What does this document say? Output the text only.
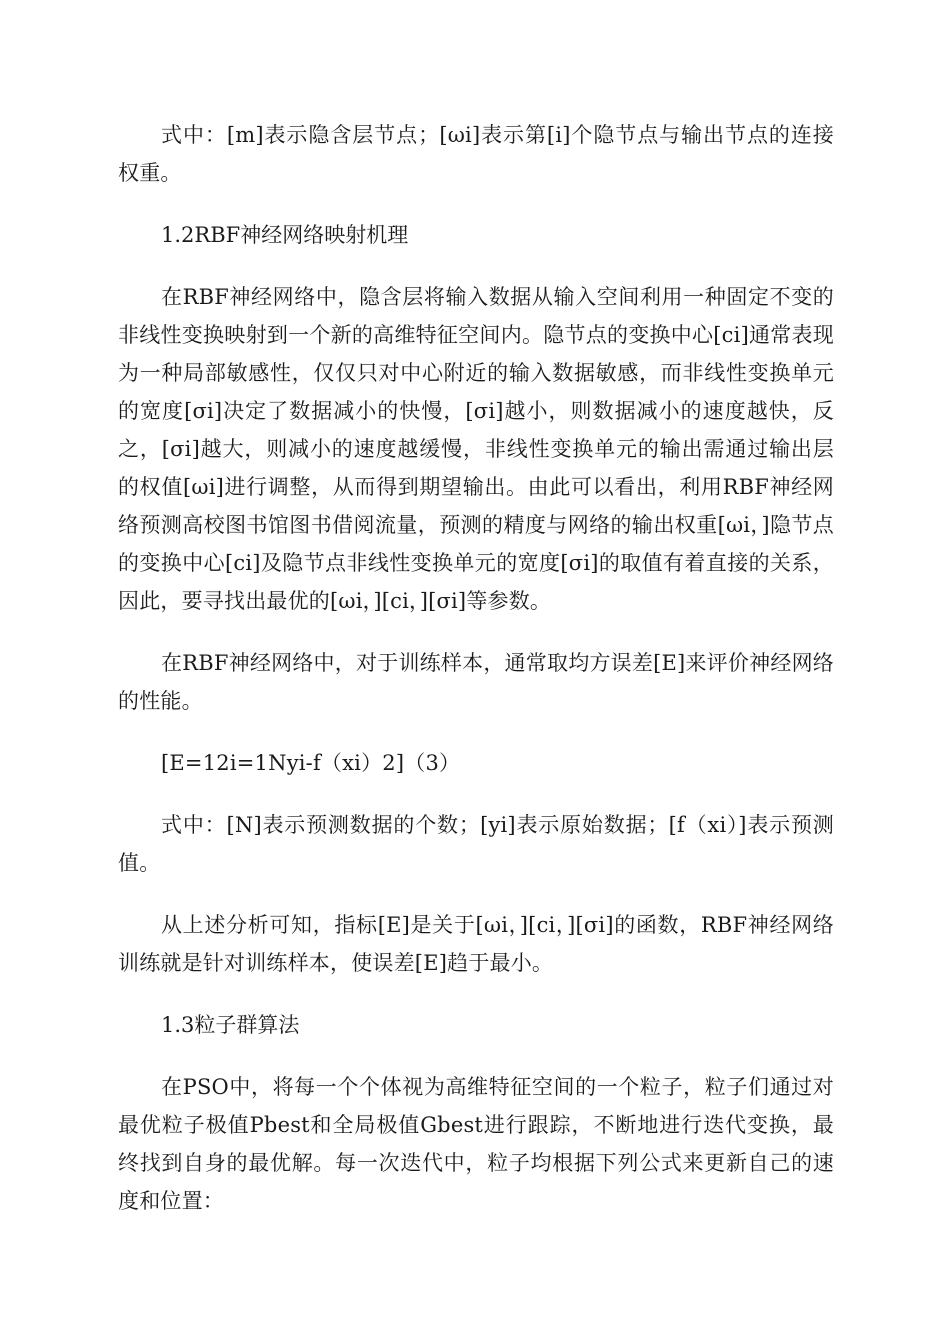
式中：[m]表示隐含层节点；[ωi]表示第[i]个隐节点与输出节点的连接权重。

1.2RBF神经网络映射机理

在RBF神经网络中，隐含层将输入数据从输入空间利用一种固定不变的非线性变换映射到一个新的高维特征空间内。隐节点的变换中心[ci]通常表现为一种局部敏感性，仅仅只对中心附近的输入数据敏感，而非线性变换单元的宽度[σi]决定了数据减小的快慢，[σi]越小，则数据减小的速度越快，反之，[σi]越大，则减小的速度越缓慢，非线性变换单元的输出需通过输出层的权值[ωi]进行调整，从而得到期望输出。由此可以看出，利用RBF神经网络预测高校图书馆图书借阅流量，预测的精度与网络的输出权重[ωi，]隐节点的变换中心[ci]及隐节点非线性变换单元的宽度[σi]的取值有着直接的关系，因此，要寻找出最优的[ωi，][ci，][σi]等参数。

在RBF神经网络中，对于训练样本，通常取均方误差[E]来评价神经网络的性能。

[E=12i=1Nyi-f（xi）2]（3）

式中：[N]表示预测数据的个数；[yi]表示原始数据；[f（xi）]表示预测值。

从上述分析可知，指标[E]是关于[ωi，][ci，][σi]的函数，RBF神经网络训练就是针对训练样本，使误差[E]趋于最小。

1.3粒子群算法

在PSO中，将每一个个体视为高维特征空间的一个粒子，粒子们通过对最优粒子极值Pbest和全局极值Gbest进行跟踪，不断地进行迭代变换，最终找到自身的最优解。每一次迭代中，粒子均根据下列公式来更新自己的速度和位置：
